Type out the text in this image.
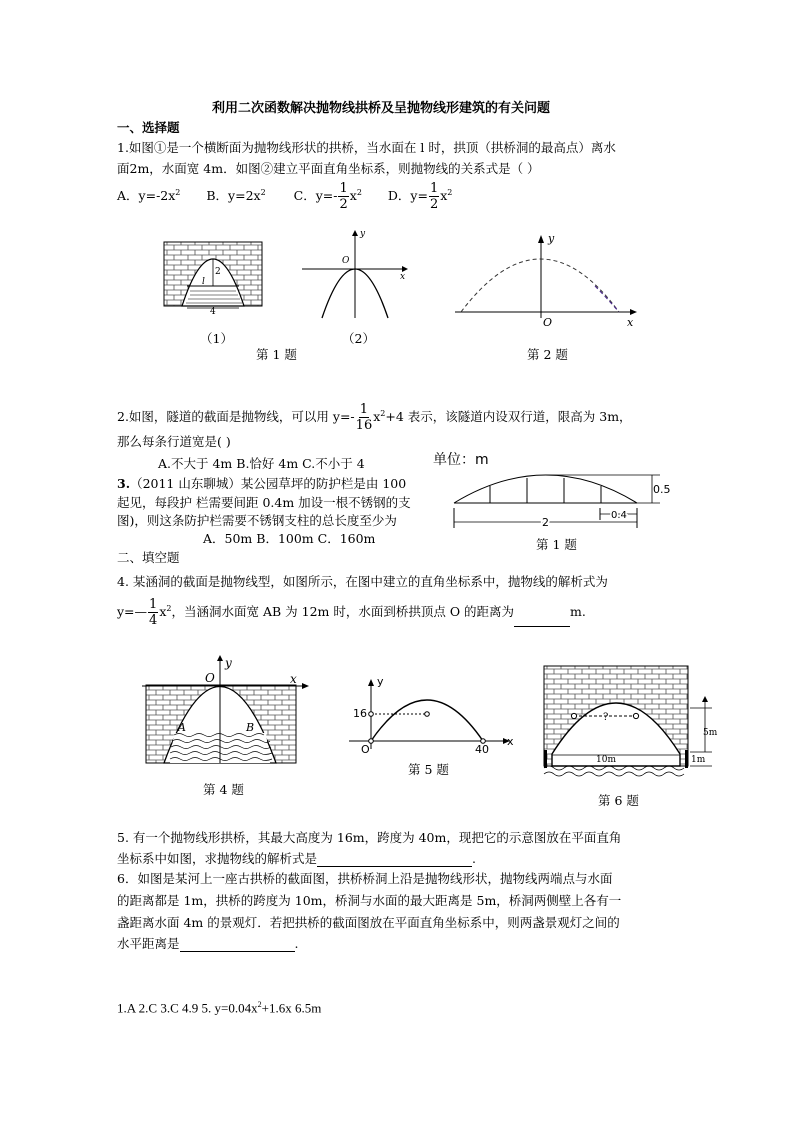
利用二次函数解决抛物线拱桥及呈抛物线形建筑的有关问题
一、选择题
1.如图①是一个横断面为抛物线形状的拱桥，当水面在 l 时，拱顶（拱桥洞的最高点）离水
面2m，水面宽 4m．如图②建立平面直角坐标系，则抛物线的关系式是（ ）
A．$y=-2x^2$ B．$y=2x^2$ C．$y=- \frac{1}{2} x^2$ D．$y= \frac{1}{2} x^2$
2
l
4
（1）
y
x
O
（2）
第 1 题
y
x
O
第 2 题
2.如图，隧道的截面是抛物线，可以用 $y=- \frac{1}{16} x^2+4$ 表示，该隧道内设双行道，限高为 3m，
那么每条行道宽是( )
A.不大于 4m B.恰好 4m C.不小于 4
3.（2011 山东聊城）某公园草坪的防护栏是由 100
起见，每段护 栏需要间距 0.4m 加设一根不锈钢的支
图)，则这条防护栏需要不锈钢支柱的总长度至少为
A．50m B．100m C．160m
单位：m
0.5
2
0.4
第 1 题
二、填空题
4. 某涵洞的截面是抛物线型，如图所示，在图中建立的直角坐标系中，抛物线的解析式为
y=— $\frac{1}{4} x^2$，当涵洞水面宽 AB 为 12m 时，水面到桥拱顶点 O 的距离为	m.
y
x
O
A	B
第 4 题
y
x
O
16
40
第 5 题
?
10m
5m
1m
第 6 题
5. 有一个抛物线形拱桥，其最大高度为 16m，跨度为 40m，现把它的示意图放在平面直角
坐标系中如图，求抛物线的解析式是	.
6．如图是某河上一座古拱桥的截面图，拱桥桥洞上沿是抛物线形状，抛物线两端点与水面
的距离都是 1m，拱桥的跨度为 10m，桥洞与水面的最大距离是 5m，桥洞两侧壁上各有一
盏距离水面 4m 的景观灯．若把拱桥的截面图放在平面直角坐标系中，则两盏景观灯之间的
水平距离是	.
1.A 2.C 3.C 4.9 5. $y=0.04x^2+1.6x$ 6.5m
